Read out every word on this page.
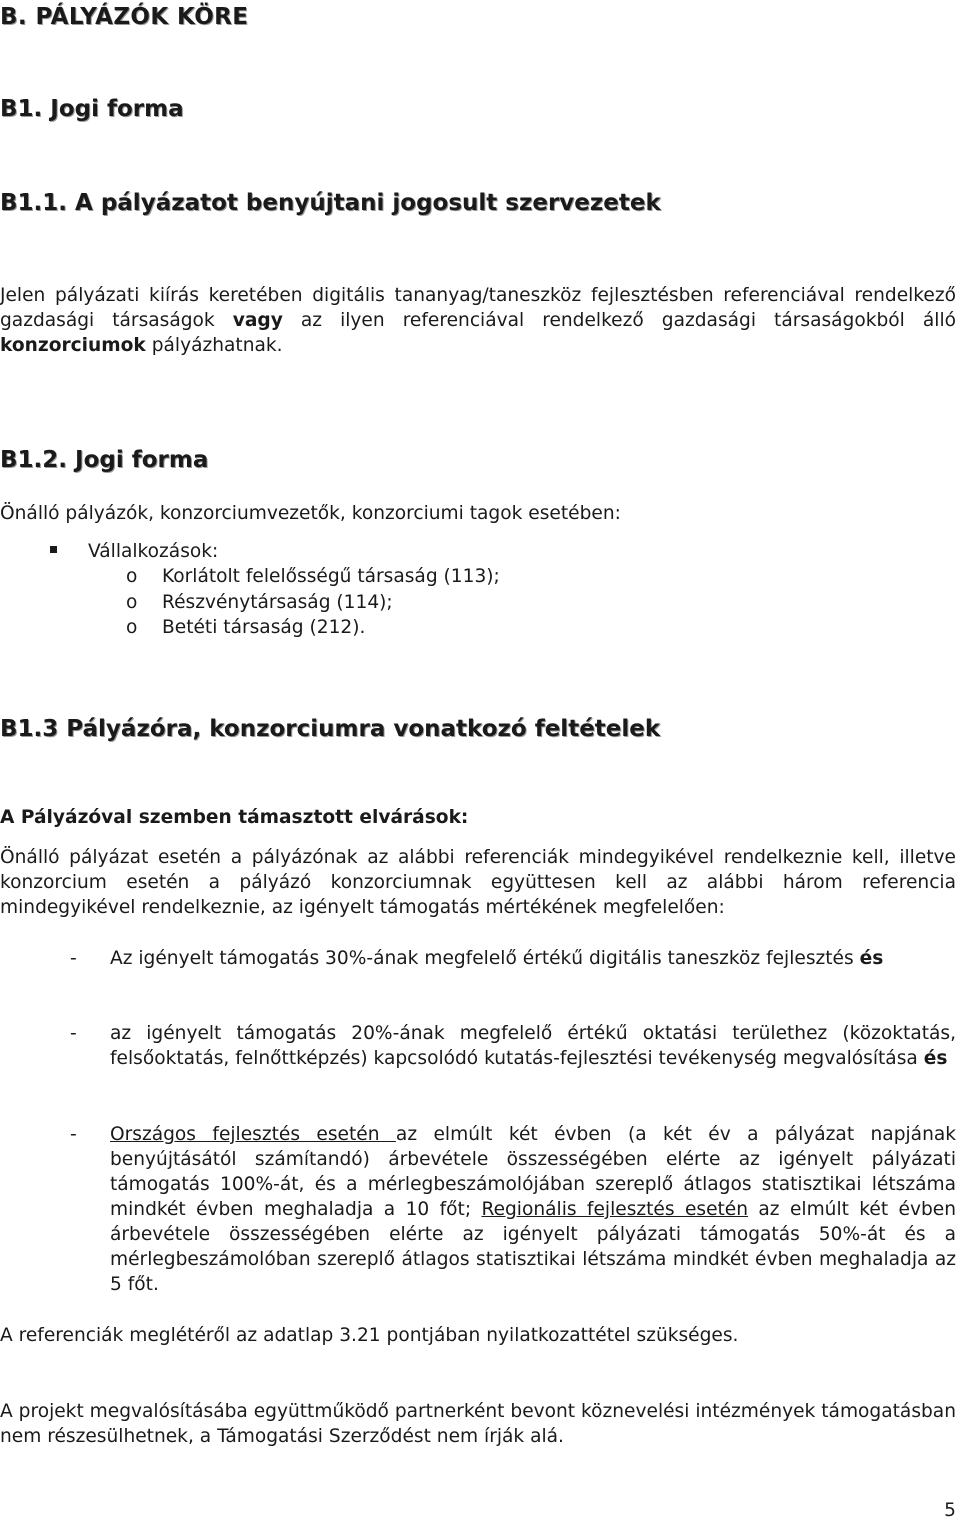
B. PÁLYÁZÓK KÖRE
B1. Jogi forma
B1.1. A pályázatot benyújtani jogosult szervezetek

Jelen pályázati kiírás keretében digitális tananyag/taneszköz fejlesztésben referenciával rendelkező gazdasági társaságok vagy az ilyen referenciával rendelkező gazdasági társaságokból álló konzorciumok pályázhatnak.

B1.2. Jogi forma

Önálló pályázók, konzorciumvezetők, konzorciumi tagok esetében:

Vállalkozások:
o Korlátolt felelősségű társaság (113);
o Részvénytársaság (114);
o Betéti társaság (212).
B1.3 Pályázóra, konzorciumra vonatkozó feltételek

A Pályázóval szemben támasztott elvárások:

Önálló pályázat esetén a pályázónak az alábbi referenciák mindegyikével rendelkeznie kell, illetve konzorcium esetén a pályázó konzorciumnak együttesen kell az alábbi három referencia mindegyikével rendelkeznie, az igényelt támogatás mértékének megfelelően:

- Az igényelt támogatás 30%-ának megfelelő értékű digitális taneszköz fejlesztés és

- az igényelt támogatás 20%-ának megfelelő értékű oktatási területhez (közoktatás, felsőoktatás, felnőttképzés) kapcsolódó kutatás-fejlesztési tevékenység megvalósítása és

- Országos fejlesztés esetén az elmúlt két évben (a két év a pályázat napjának benyújtásától számítandó) árbevétele összességében elérte az igényelt pályázati támogatás 100%-át, és a mérlegbeszámolójában szereplő átlagos statisztikai létszáma mindkét évben meghaladja a 10 főt; Regionális fejlesztés esetén az elmúlt két évben árbevétele összességében elérte az igényelt pályázati támogatás 50%-át és a mérlegbeszámolóban szereplő átlagos statisztikai létszáma mindkét évben meghaladja az 5 főt.

A referenciák meglétéről az adatlap 3.21 pontjában nyilatkozattétel szükséges.

A projekt megvalósításába együttműködő partnerként bevont köznevelési intézmények támogatásban nem részesülhetnek, a Támogatási Szerződést nem írják alá.

5
